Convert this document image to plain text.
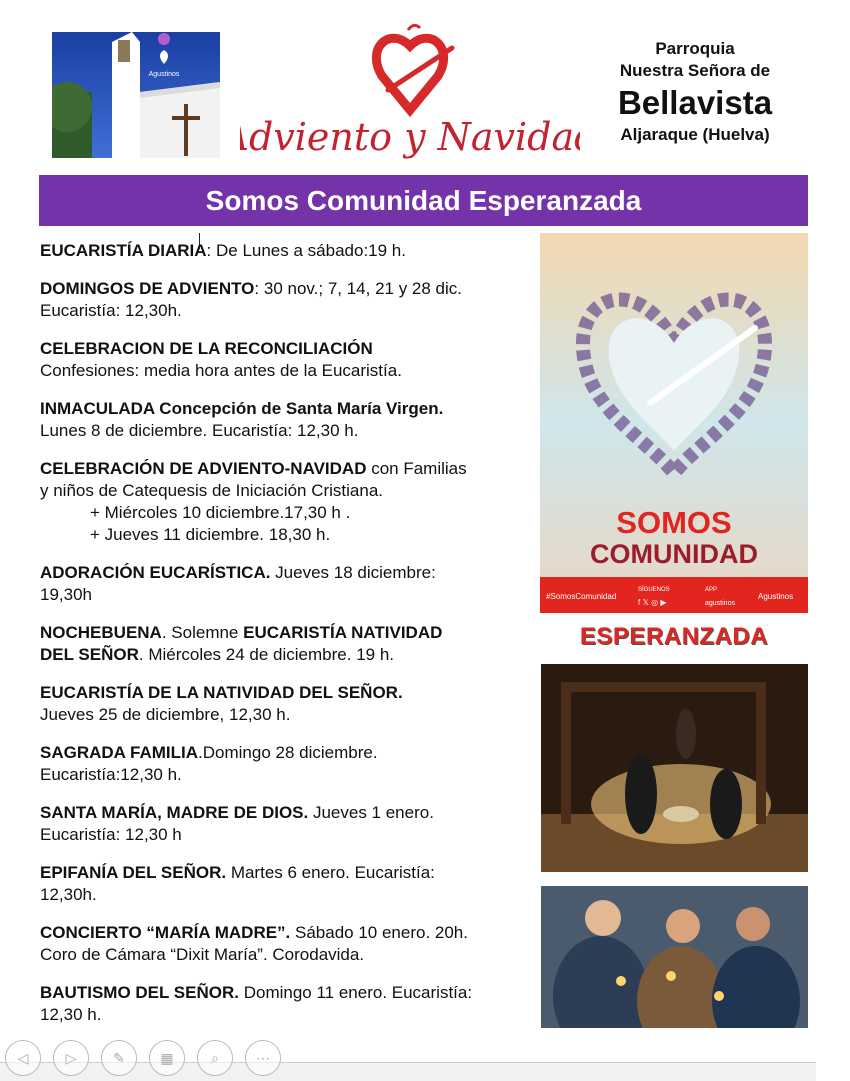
Agustinos
Adviento y Navidad
Parroquia
Nuestra Señora de
Bellavista
Aljaraque (Huelva)
Somos Comunidad Esperanzada

EUCARISTÍA DIARIA: De Lunes a sábado:19 h.

DOMINGOS DE ADVIENTO: 30 nov.; 7, 14, 21 y 28 dic.

Eucaristía: 12,30h.

CELEBRACION DE LA RECONCILIACIÓN

Confesiones: media hora antes de la Eucaristía.

INMACULADA Concepción de Santa María Virgen.

Lunes 8 de diciembre. Eucaristía: 12,30 h.

CELEBRACIÓN DE ADVIENTO-NAVIDAD con Familias

y niños de Catequesis de Iniciación Cristiana.

+ Miércoles 10 diciembre.17,30 h .

+ Jueves 11 diciembre. 18,30 h.

ADORACIÓN EUCARÍSTICA. Jueves 18 diciembre:

19,30h

NOCHEBUENA. Solemne EUCARISTÍA NATIVIDAD

DEL SEÑOR. Miércoles 24 de diciembre. 19 h.

EUCARISTÍA DE LA NATIVIDAD DEL SEÑOR.

Jueves 25 de diciembre, 12,30 h.

SAGRADA FAMILIA.Domingo 28 diciembre.

Eucaristía:12,30 h.

SANTA MARÍA, MADRE DE DIOS. Jueves 1 enero.

Eucaristía: 12,30 h

EPIFANÍA DEL SEÑOR. Martes 6 enero. Eucaristía:

12,30h.

CONCIERTO “MARÍA MADRE”. Sábado 10 enero. 20h.

Coro de Cámara “Dixit María”. Corodavida.

BAUTISMO DEL SEÑOR. Domingo 11 enero. Eucaristía:

12,30 h.

SOMOS
COMUNIDAD
#SomosComunidad
SÍGUENOS
f 𝕏 ◎ ▶
APP
agustinos
Agustinos
ESPERANZADA
◁	▷	✎	▦	⌕	⋯
